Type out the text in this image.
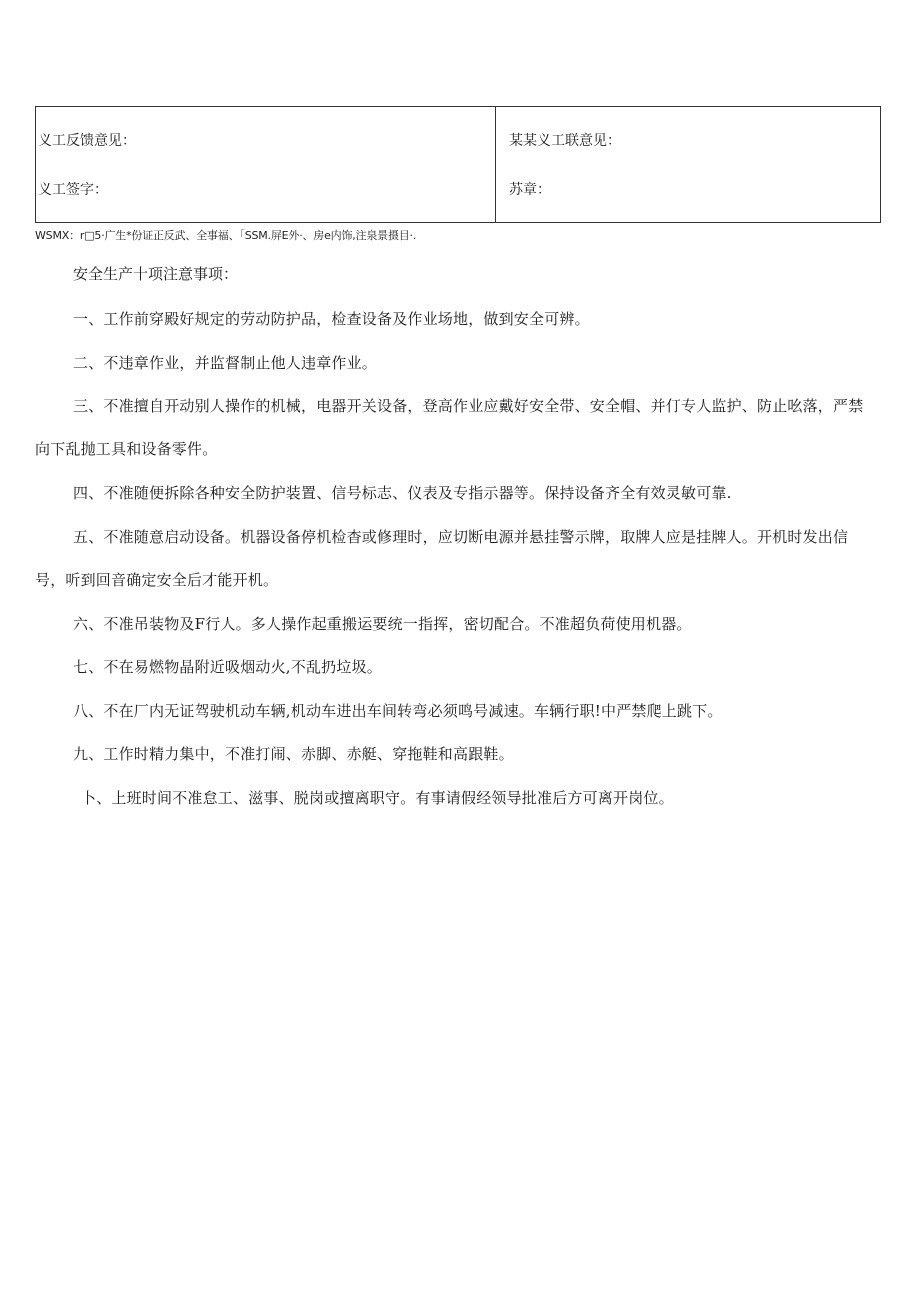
义工反馈意见：
义工签字：
某某义工联意见：
苏章：
WSMX：r□5·广生*份证正反武、全事福、「SSM.屏E外·、房e内饰,注泉景摄目·.
安全生产十项注意事项：
一、工作前穿殿好规定的劳动防护品，检查设备及作业场地，做到安全可辨。
二、不违章作业，并监督制止他人违章作业。
三、不准擅自开动别人操作的机械，电器开关设备，登高作业应戴好安全带、安全帽、并仃专人监护、防止吆落，严禁向下乱抛工具和设备零件。
四、不准随便拆除各种安全防护装置、信号标志、仪表及专指示器等。保持设备齐全有效灵敏可靠.
五、不准随意启动设备。机器设备停机检杳或修理时，应切断电源并悬挂警示牌，取牌人应是挂牌人。开机时发出信号，听到回音确定安全后才能开机。
六、不准吊装物及F行人。多人操作起重搬运要统一指挥，密切配合。不准超负荷使用机器。
七、不在易燃物晶附近吸烟动火,不乱扔垃圾。
八、不在厂内无证驾驶机动车辆,机动车进出车间转弯必须鸣号减速。车辆行职!中严禁爬上跳下。
九、工作时精力集中，不准打闹、赤脚、赤艇、穿拖鞋和高跟鞋。
卜、上班时间不准怠工、滋事、脱岗或擅离职守。有事请假经领导批准后方可离开岗位。
